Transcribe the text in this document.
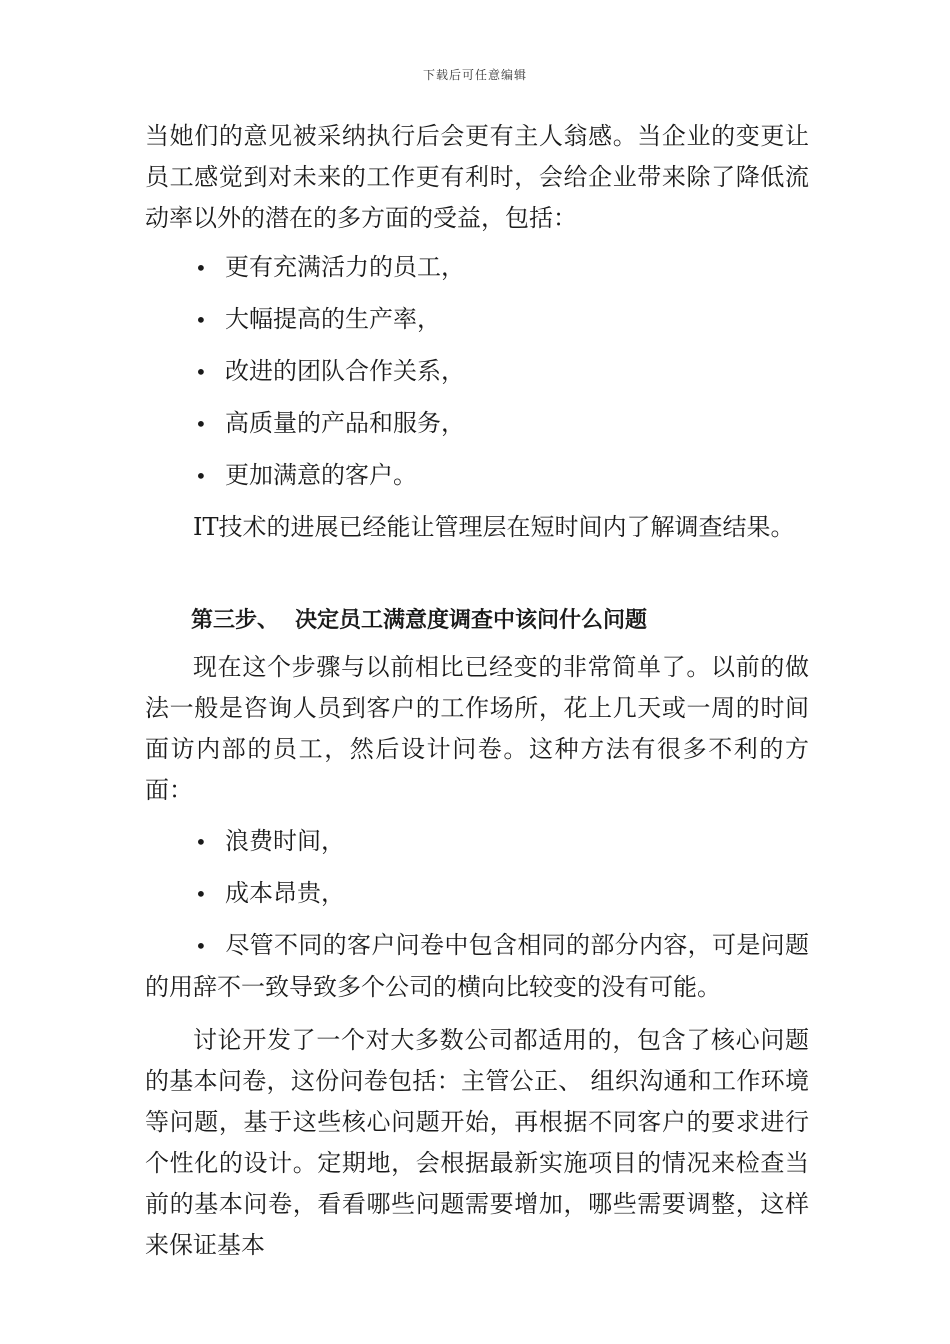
下载后可任意编辑

当她们的意见被采纳执行后会更有主人翁感。当企业的变更让员工感觉到对未来的工作更有利时，会给企业带来除了降低流动率以外的潜在的多方面的受益，包括：

• 更有充满活力的员工，
• 大幅提高的生产率，
• 改进的团队合作关系，
• 高质量的产品和服务，
• 更加满意的客户。

IT技术的进展已经能让管理层在短时间内了解调查结果。

第三步、 决定员工满意度调查中该问什么问题

现在这个步骤与以前相比已经变的非常简单了。以前的做法一般是咨询人员到客户的工作场所，花上几天或一周的时间面访内部的员工，然后设计问卷。这种方法有很多不利的方面：

• 浪费时间，
• 成本昂贵，
• 尽管不同的客户问卷中包含相同的部分内容，可是问题的用辞不一致导致多个公司的横向比较变的没有可能。

讨论开发了一个对大多数公司都适用的，包含了核心问题的基本问卷，这份问卷包括：主管公正、 组织沟通和工作环境等问题，基于这些核心问题开始，再根据不同客户的要求进行个性化的设计。定期地，会根据最新实施项目的情况来检查当前的基本问卷，看看哪些问题需要增加，哪些需要调整，这样来保证基本
